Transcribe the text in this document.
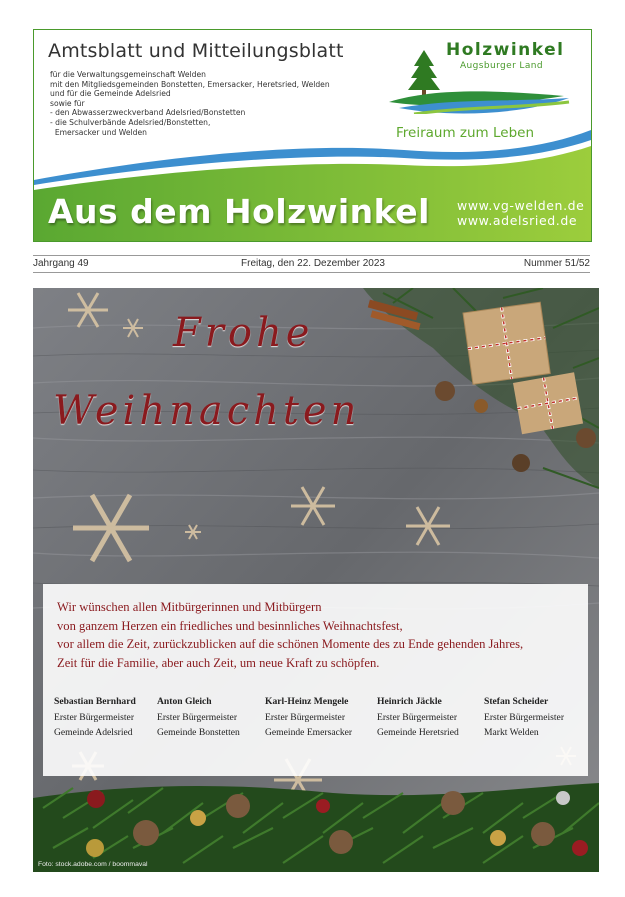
Amtsblatt und Mitteilungsblatt
für die Verwaltungsgemeinschaft Welden
mit den Mitgliedsgemeinden Bonstetten, Emersacker, Heretsried, Welden
und für die Gemeinde Adelsried
sowie für
- den Abwasserzweckverband Adelsried/Bonstetten
- die Schulverbände Adelsried/Bonstetten,
Emersacker und Welden
Holzwinkel
Augsburger Land
Freiraum zum Leben
Aus dem Holzwinkel www.vg-welden.de
www.adelsried.de
Jahrgang 49	Freitag, den 22. Dezember 2023	Nummer 51/52
Frohe
Weihnachten
Wir wünschen allen Mitbürgerinnen und Mitbürgern
von ganzem Herzen ein friedliches und besinnliches Weihnachtsfest,
vor allem die Zeit, zurückzublicken auf die schönen Momente des zu Ende gehenden Jahres,
Zeit für die Familie, aber auch Zeit, um neue Kraft zu schöpfen.
Sebastian Bernhard
Erster Bürgermeister
Gemeinde Adelsried
Anton Gleich
Erster Bürgermeister
Gemeinde Bonstetten
Karl-Heinz Mengele
Erster Bürgermeister
Gemeinde Emersacker
Heinrich Jäckle
Erster Bürgermeister
Gemeinde Heretsried
Stefan Scheider
Erster Bürgermeister
Markt Welden
Foto: stock.adobe.com / boommaval
